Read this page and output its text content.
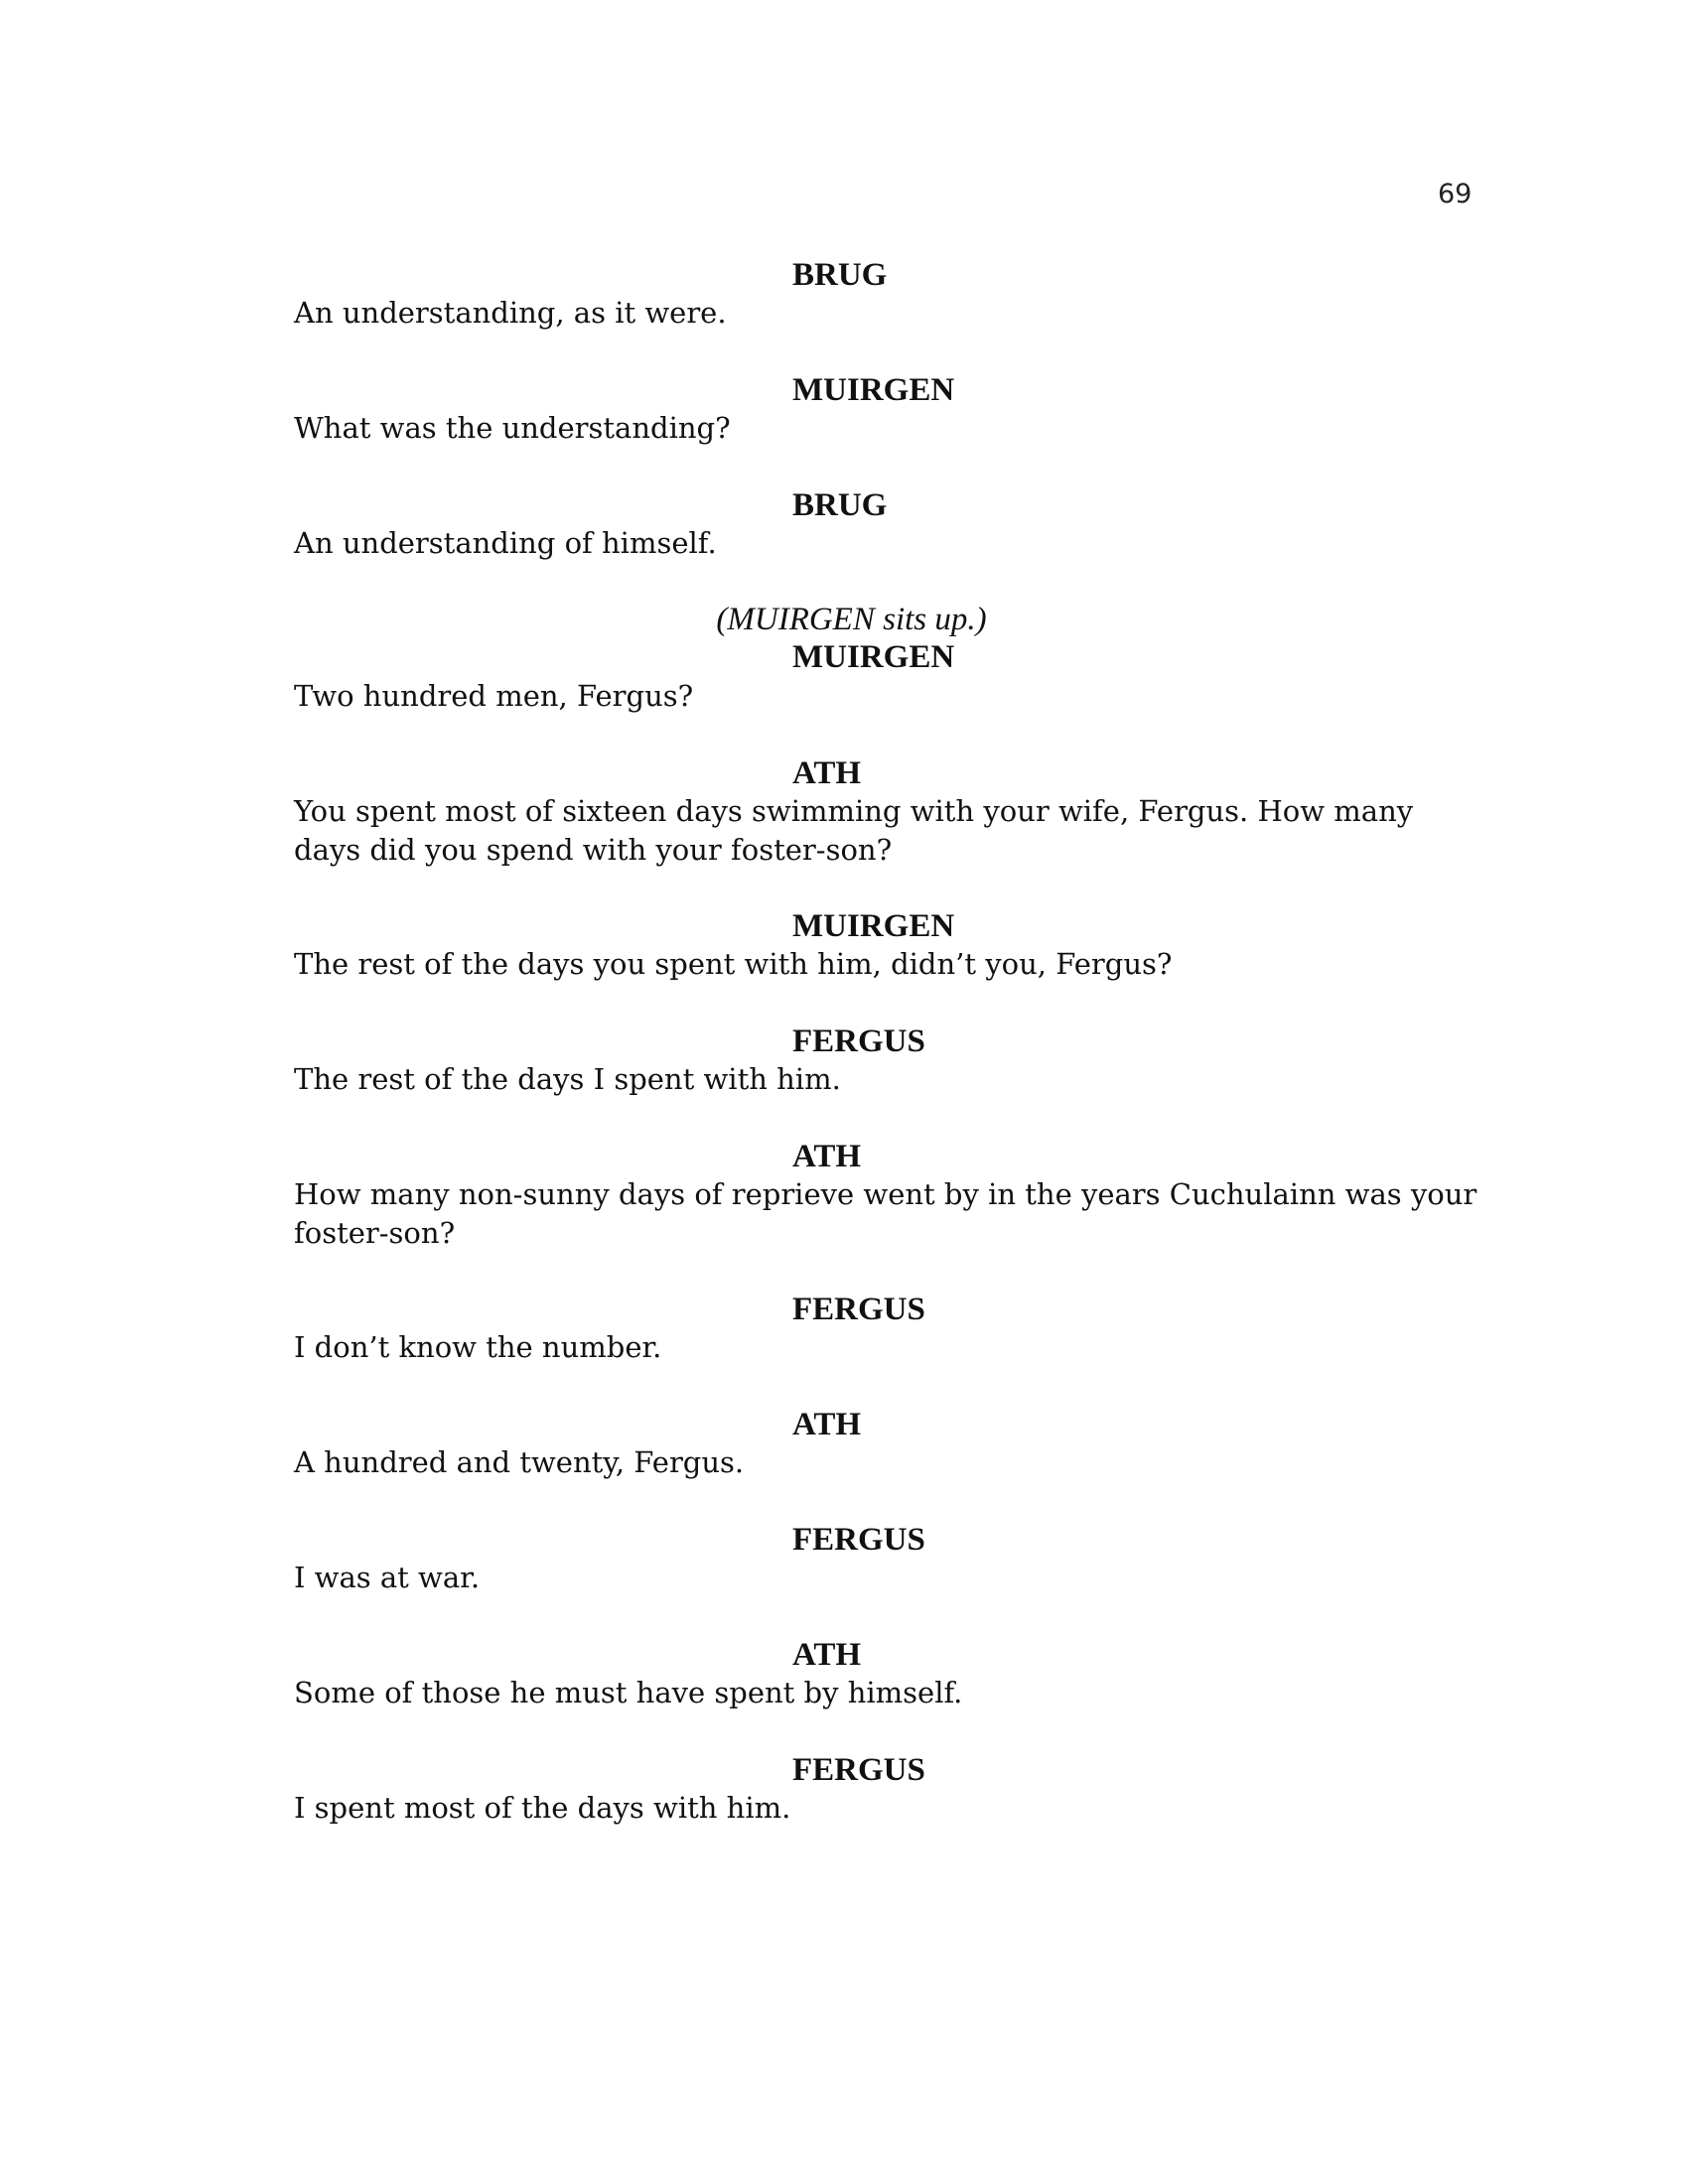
69
BRUG
An understanding, as it were.
MUIRGEN
What was the understanding?
BRUG
An understanding of himself.
(MUIRGEN sits up.)
MUIRGEN
Two hundred men, Fergus?
ATH
You spent most of sixteen days swimming with your wife, Fergus. How many days did you spend with your foster-son?
MUIRGEN
The rest of the days you spent with him, didn’t you, Fergus?
FERGUS
The rest of the days I spent with him.
ATH
How many non-sunny days of reprieve went by in the years Cuchulainn was your foster-son?
FERGUS
I don’t know the number.
ATH
A hundred and twenty, Fergus.
FERGUS
I was at war.
ATH
Some of those he must have spent by himself.
FERGUS
I spent most of the days with him.
